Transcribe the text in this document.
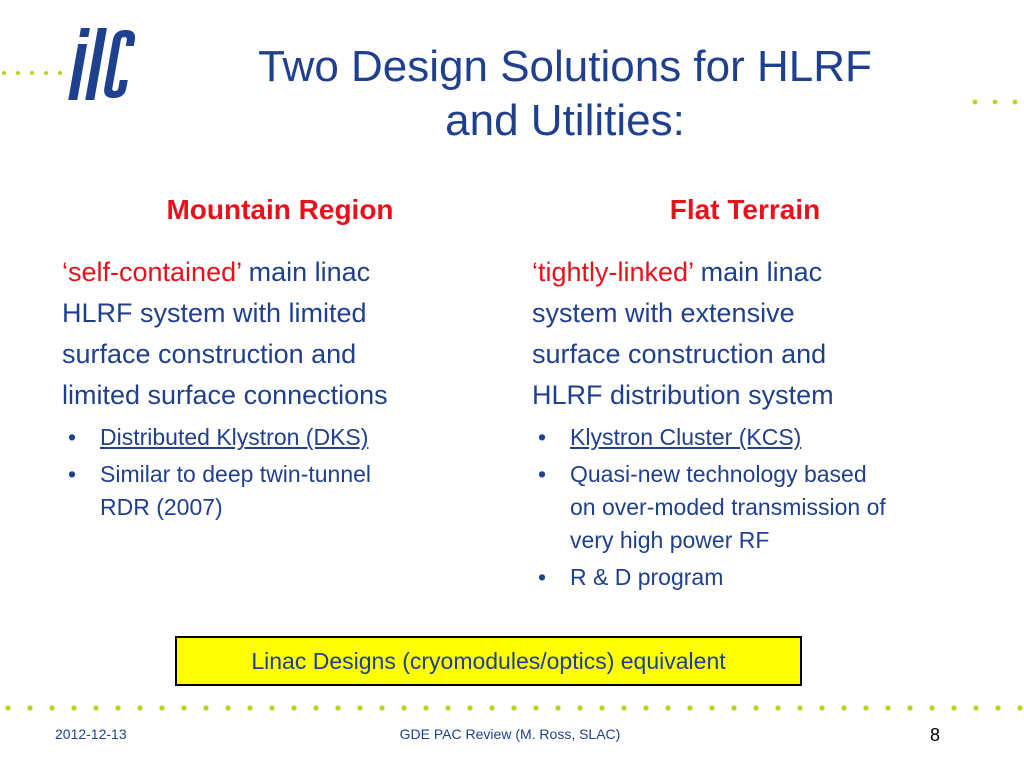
Two Design Solutions for HLRF
and Utilities:
Mountain Region	Flat Terrain

‘self-contained’ main linac
HLRF system with limited
surface construction and
limited surface connections

• Distributed Klystron (DKS)
• Similar to deep twin-tunnel
RDR (2007)

‘tightly-linked’ main linac
system with extensive
surface construction and
HLRF distribution system

• Klystron Cluster (KCS)
• Quasi-new technology based
on over-moded transmission of
very high power RF
• R & D program
Linac Designs (cryomodules/optics) equivalent
2012-12-13	GDE PAC Review (M. Ross, SLAC)	8
